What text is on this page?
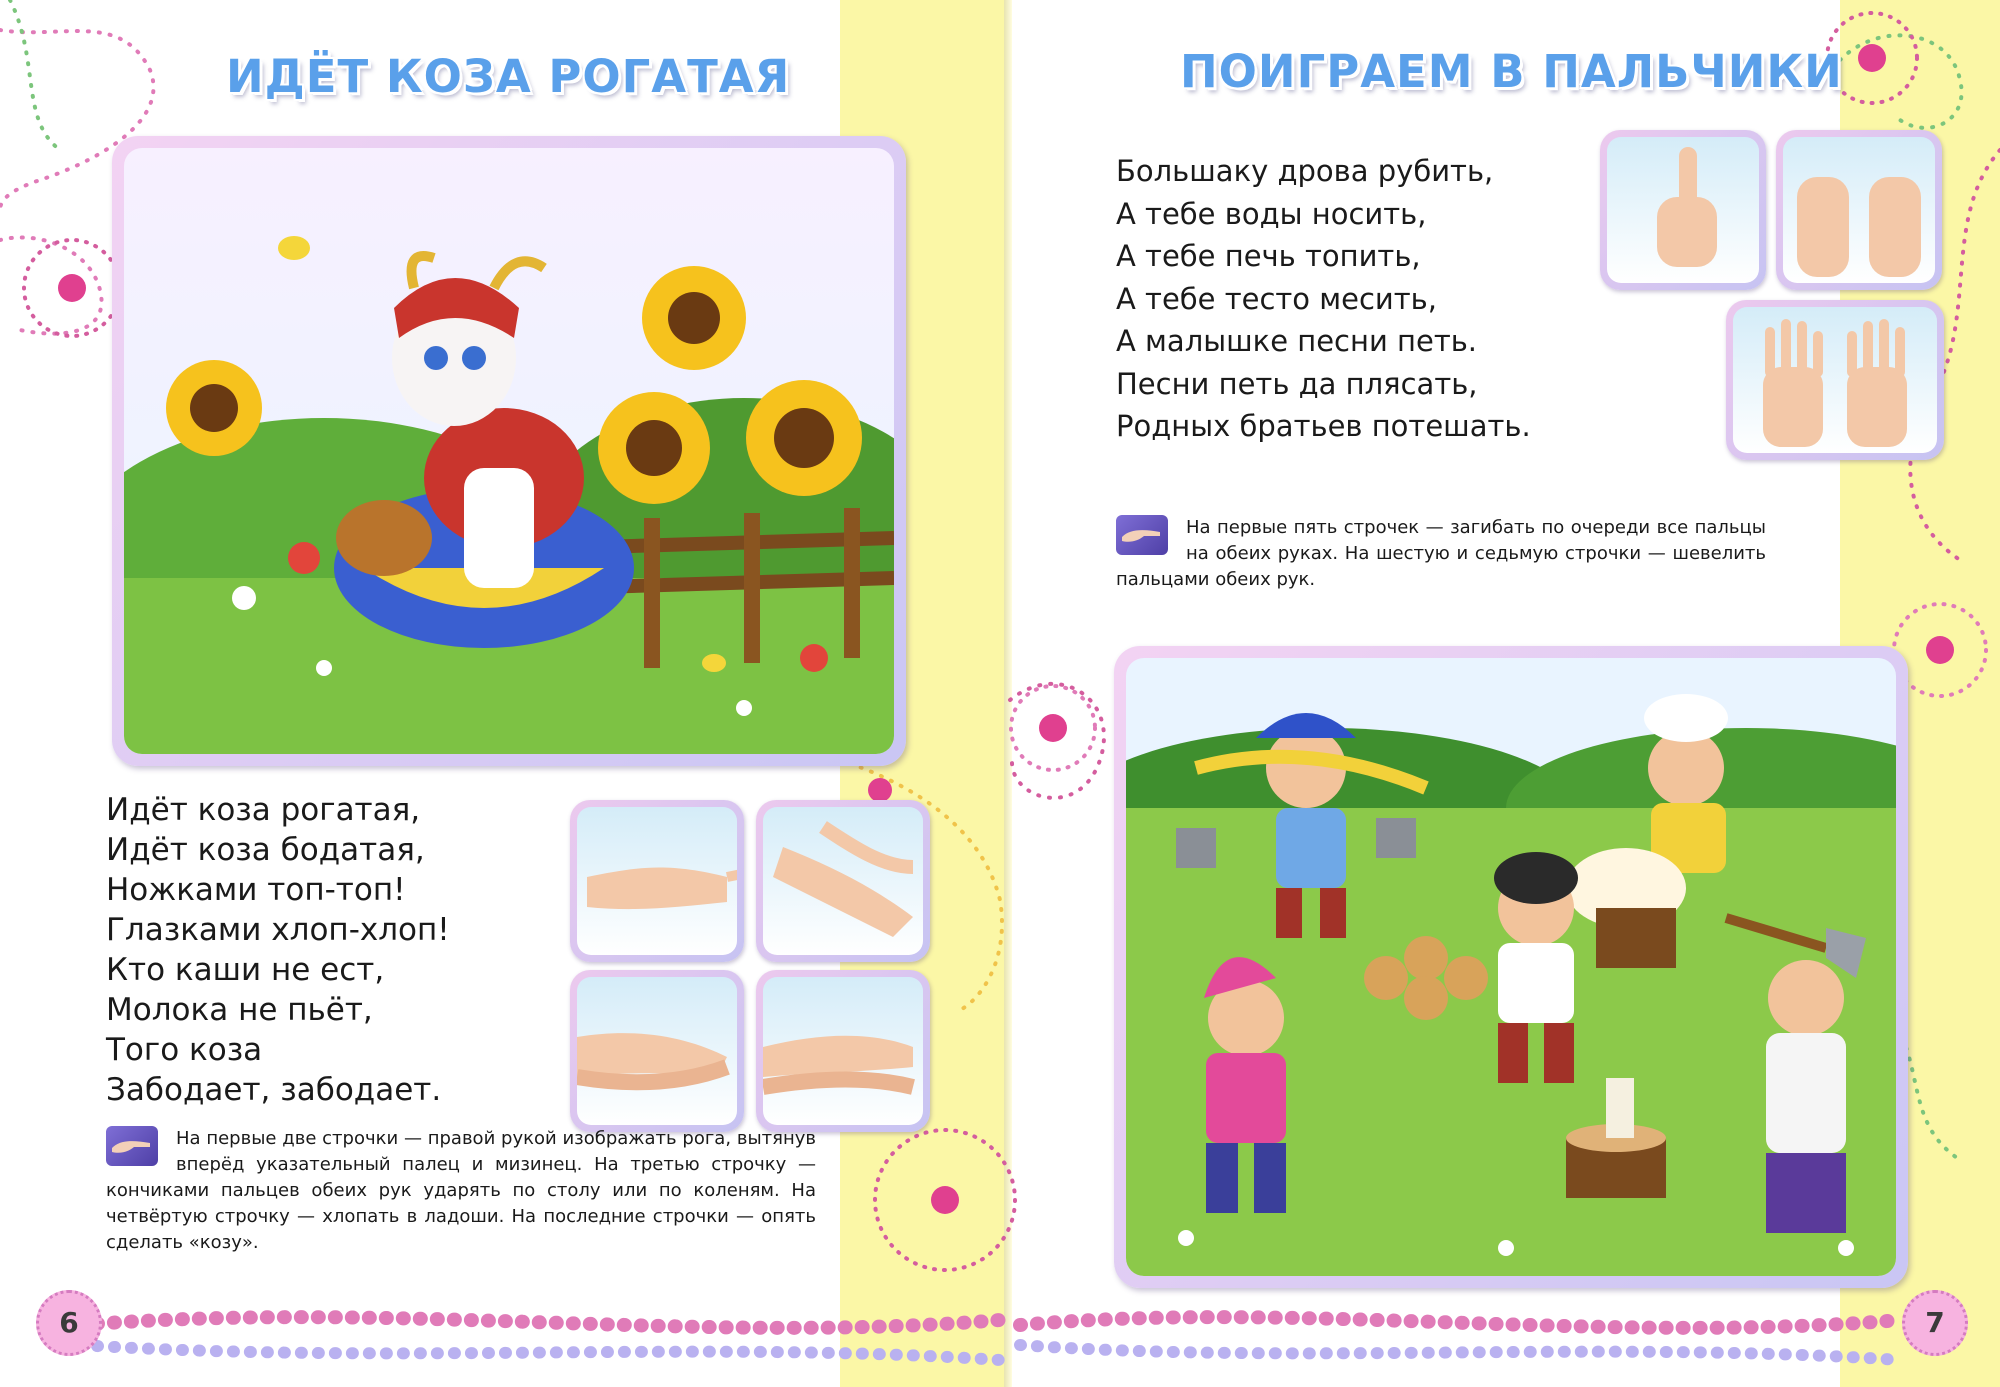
ИДЁТ КОЗА РОГАТАЯ
Идёт коза рогатая,
Идёт коза бодатая,
Ножками топ-топ!
Глазками хлоп-хлоп!
Кто каши не ест,
Молока не пьёт,
Того коза
Забодает, забодает.
На первые две строчки — правой рукой изображать рога, вытянув вперёд указательный палец и мизинец. На третью строчку — кончиками пальцев обеих рук ударять по столу или по коленям. На четвёртую строчку — хлопать в ладоши. На последние строчки — опять сделать «козу».
6
ПОИГРАЕМ В ПАЛЬЧИКИ
Большаку дрова рубить,
А тебе воды носить,
А тебе печь топить,
А тебе тесто месить,
А малышке песни петь.
Песни петь да плясать,
Родных братьев потешать.
На первые пять строчек — загибать по очереди все пальцы на обеих руках. На шестую и седьмую строчки — шевелить пальцами обеих рук.
7
